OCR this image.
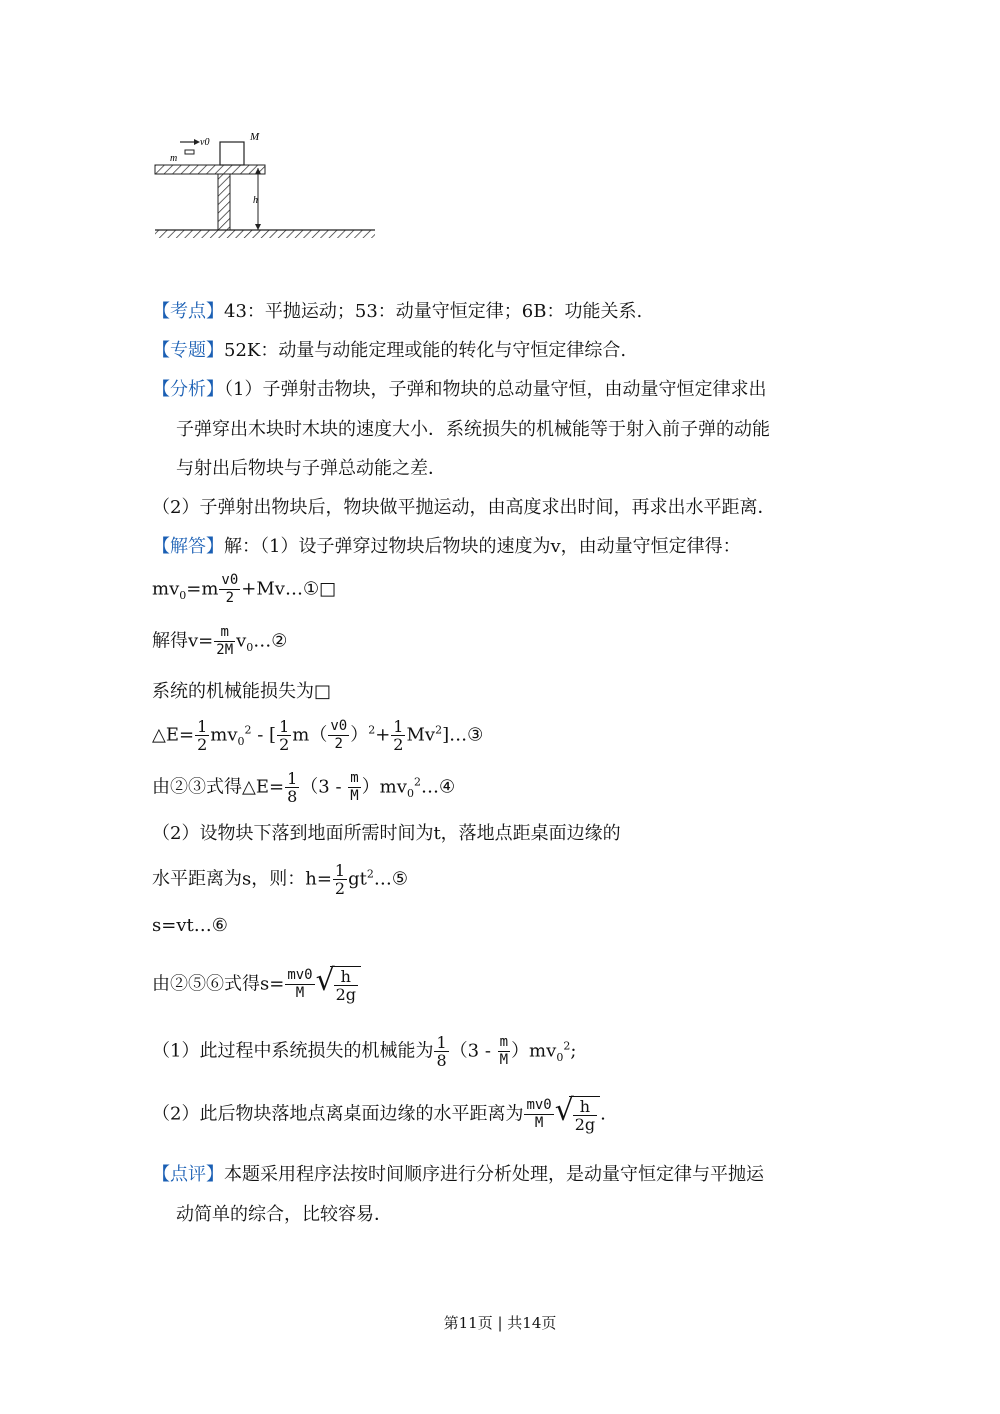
v0
m
M
h
【考点】43：平抛运动；53：动量守恒定律；6B：功能关系.
【专题】52K：动量与动能定理或能的转化与守恒定律综合.
【分析】（1）子弹射击物块，子弹和物块的总动量守恒，由动量守恒定律求出
子弹穿出木块时木块的速度大小．系统损失的机械能等于射入前子弹的动能
与射出后物块与子弹总动能之差．
（2）子弹射出物块后，物块做平抛运动，由高度求出时间，再求出水平距离．
【解答】解：（1）设子弹穿过物块后物块的速度为v，由动量守恒定律得：
$mv_0=m \frac{v0}{2}$ +Mv…①□
解得$v= \frac{m}{2M}$ $v_0\dots ②$
系统的机械能损失为□
△E= $\frac{1}{2} mv_0^2$ - [ $\frac{1}{2} m( \frac{v0}{2} )^2+ \frac{1}{2}$ Mv$^2$]…③
由②③式得△E= $\frac{1}{8} (3 - \frac{m}{M}$ ）$mv_0^2\dots ④$
（2）设物块下落到地面所需时间为t，落地点距桌面边缘的
水平距离为s，则：$h= \frac{1}{2}$ $gt^2\dots ⑤$
s=vt…⑥
由②⑤⑥式得$s= \frac{mv0}{M}$ √
$\frac{h}{2g}$
（1）此过程中系统损失的机械能为 $\frac{1}{8} (3 - \frac{m}{M} )mv_0^2$;
（2）此后物块落地点离桌面边缘的水平距离为 $\frac{mv0}{M}$ √
$\frac{h}{2g}$ .
【点评】本题采用程序法按时间顺序进行分析处理，是动量守恒定律与平抛运
动简单的综合，比较容易．
第11页 | 共14页
